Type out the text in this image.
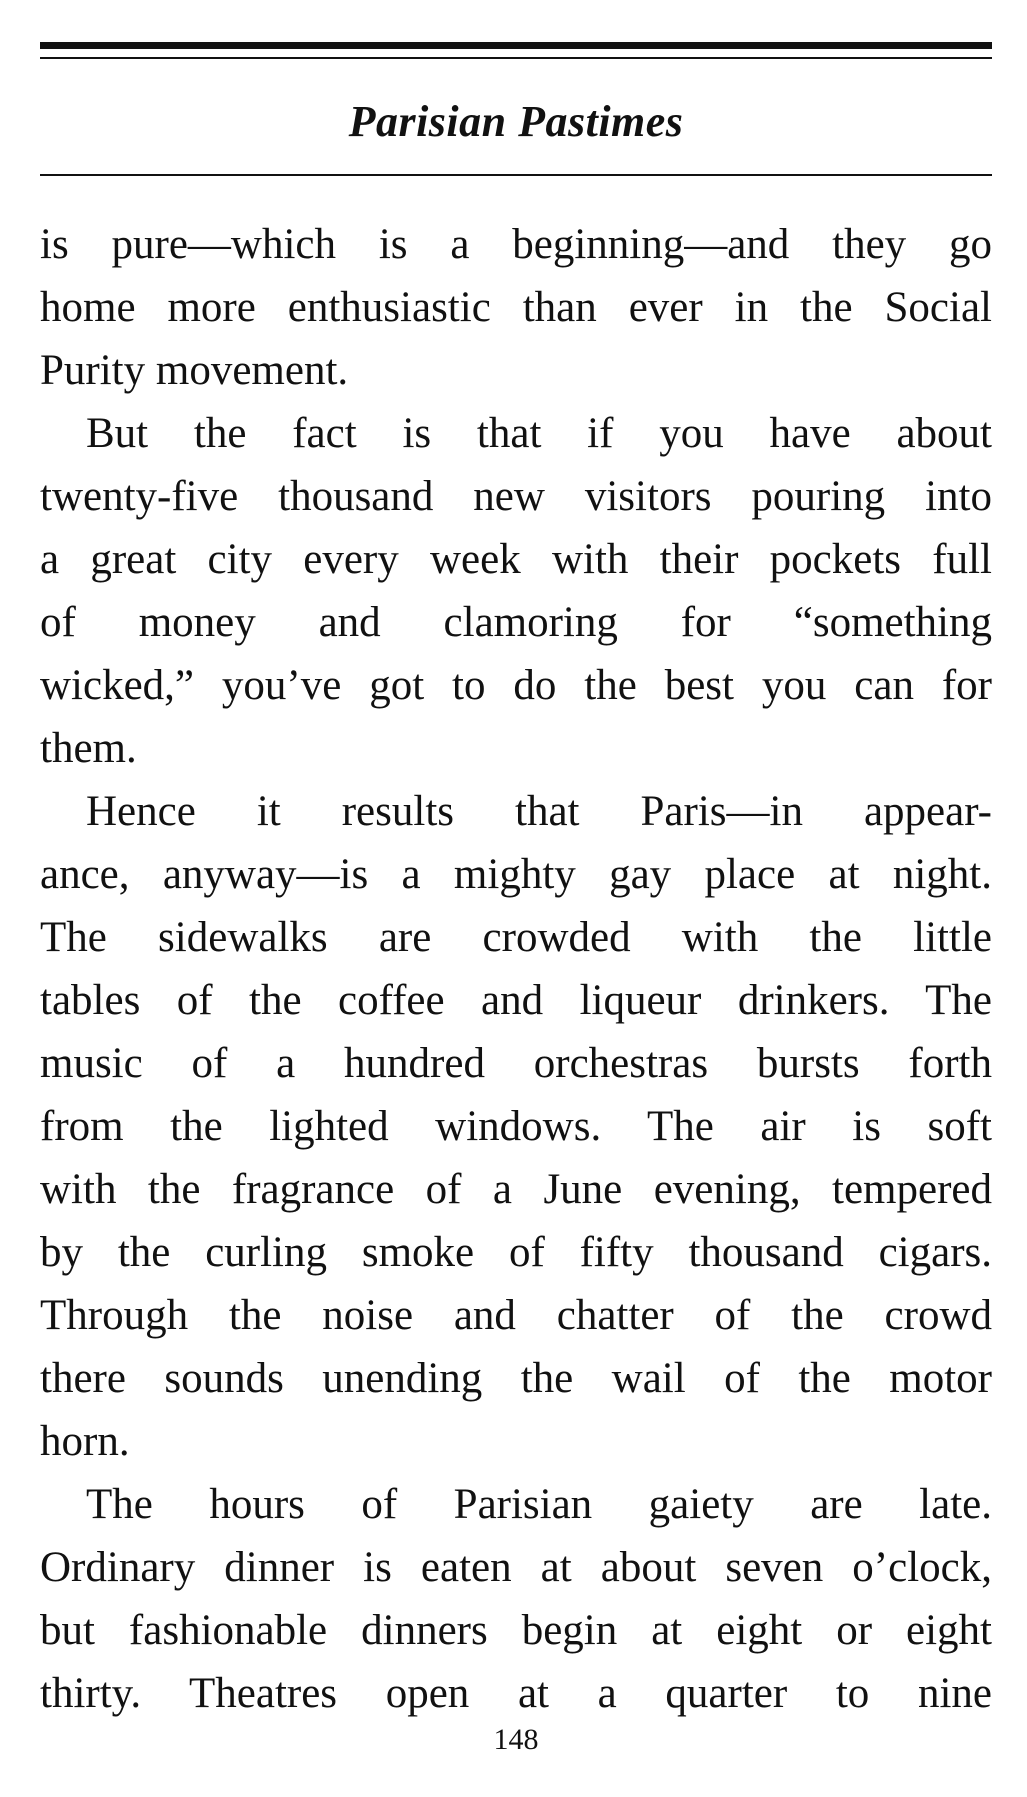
Parisian Pastimes
is pure—which is a beginning—and they go
home more enthusiastic than ever in the Social
Purity movement.
But the fact is that if you have about
twenty-five thousand new visitors pouring into
a great city every week with their pockets full
of money and clamoring for “something
wicked,” you’ve got to do the best you can for
them.
Hence it results that Paris—in appear-
ance, anyway—is a mighty gay place at night.
The sidewalks are crowded with the little
tables of the coffee and liqueur drinkers. The
music of a hundred orchestras bursts forth
from the lighted windows. The air is soft
with the fragrance of a June evening, tempered
by the curling smoke of fifty thousand cigars.
Through the noise and chatter of the crowd
there sounds unending the wail of the motor
horn.
The hours of Parisian gaiety are late.
Ordinary dinner is eaten at about seven o’clock,
but fashionable dinners begin at eight or eight
thirty. Theatres open at a quarter to nine
148
